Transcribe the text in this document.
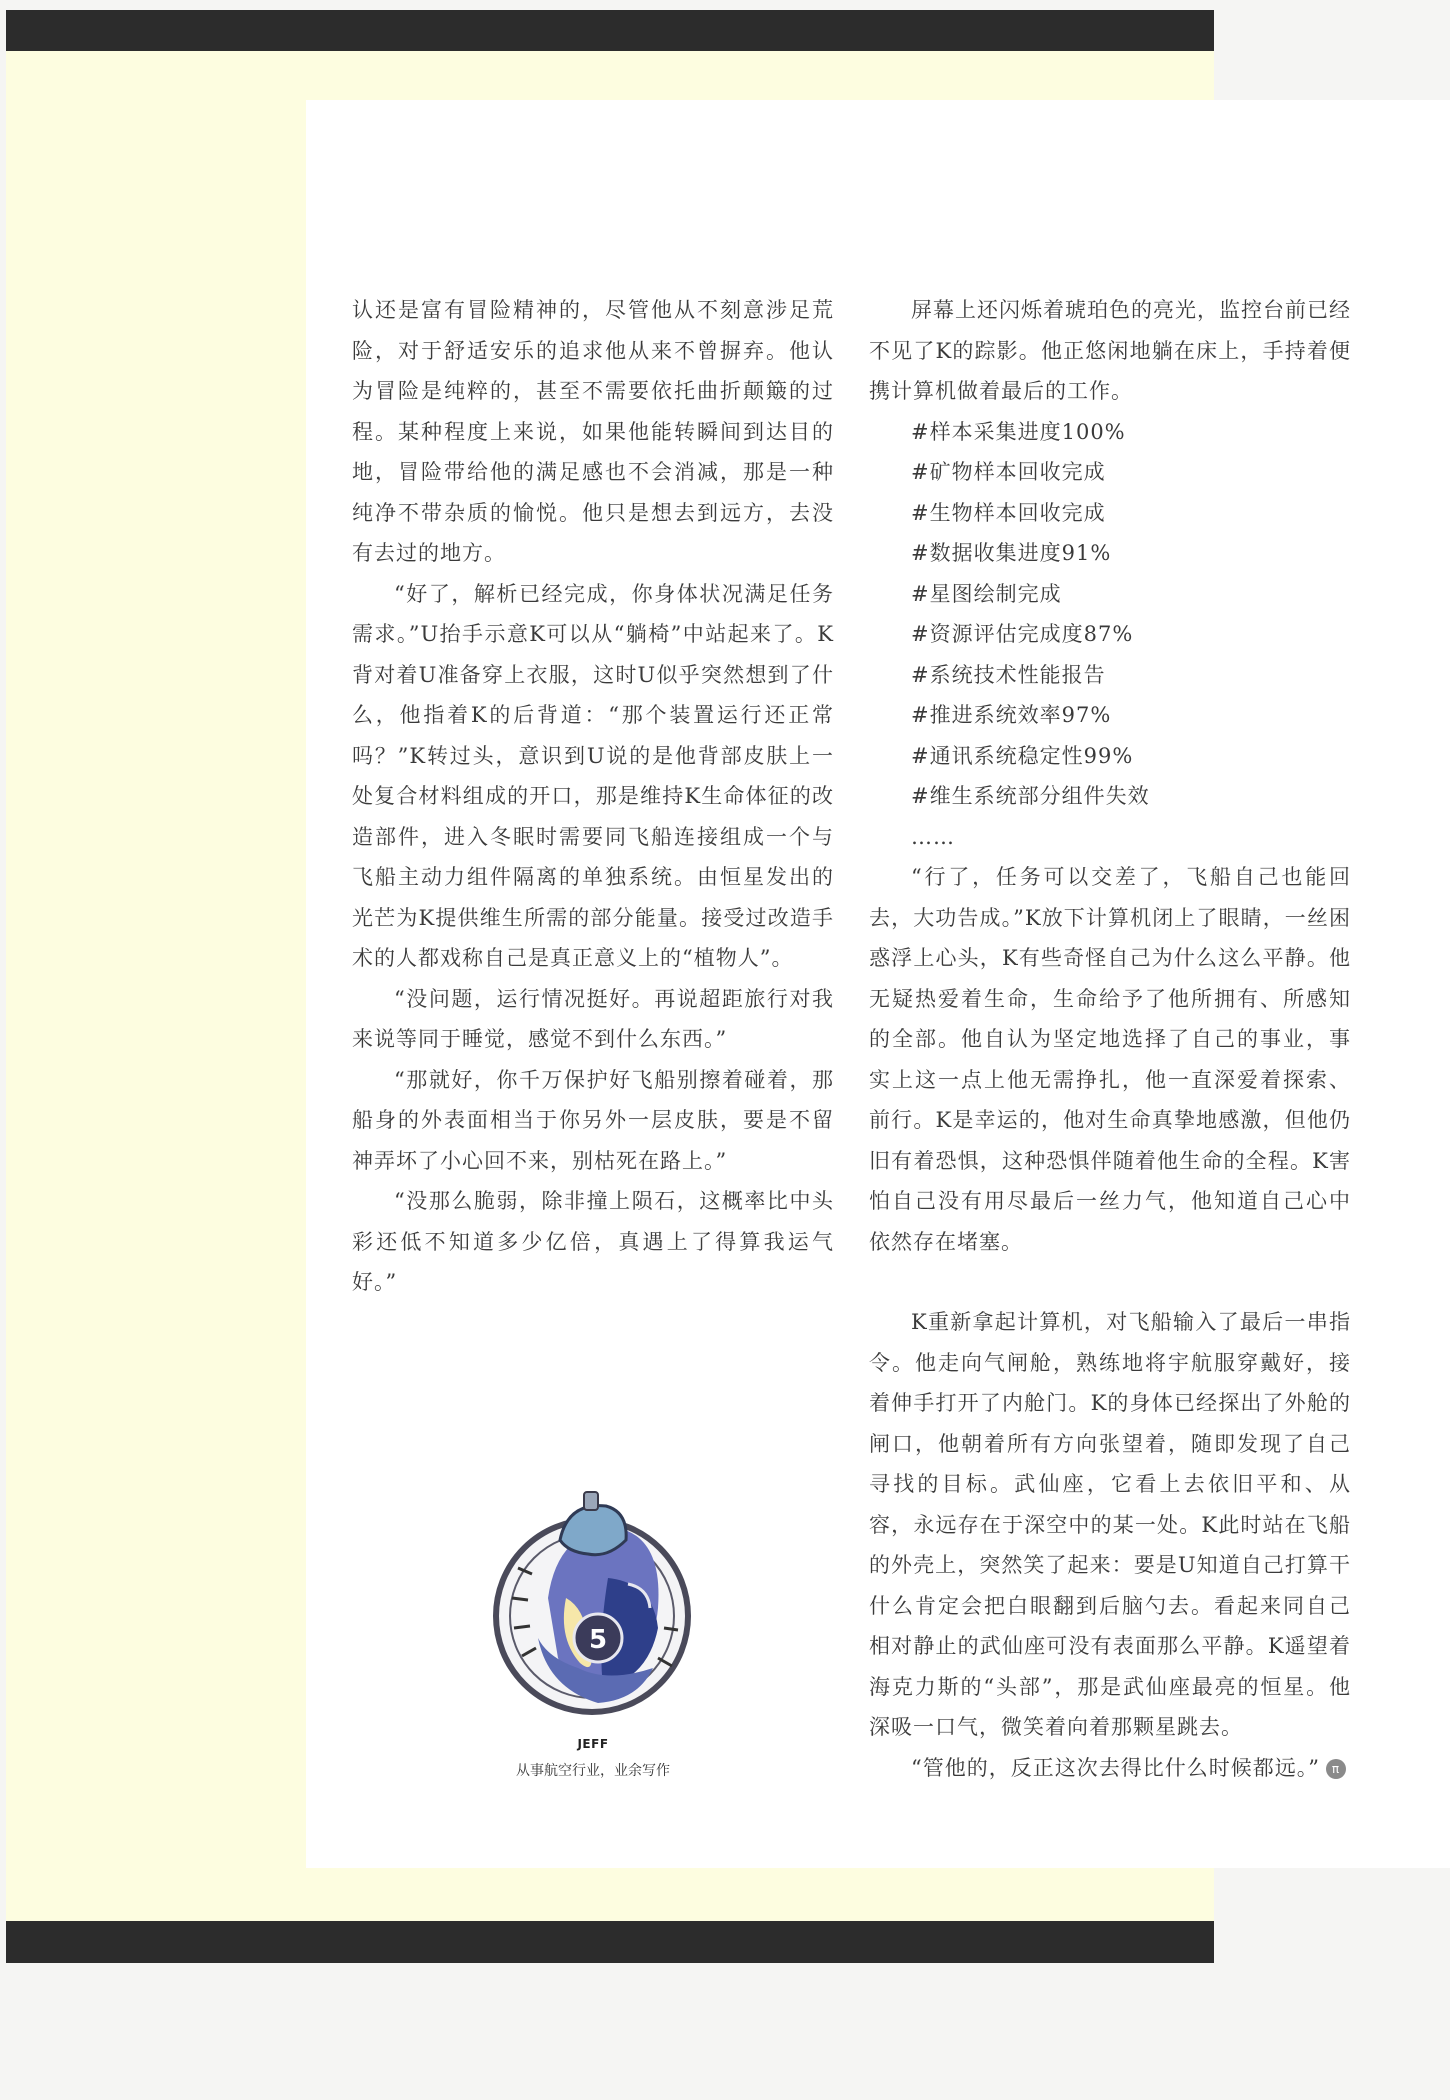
认还是富有冒险精神的，尽管他从不刻意涉足荒险，对于舒适安乐的追求他从来不曾摒弃。他认为冒险是纯粹的，甚至不需要依托曲折颠簸的过程。某种程度上来说，如果他能转瞬间到达目的地，冒险带给他的满足感也不会消减，那是一种纯净不带杂质的愉悦。他只是想去到远方，去没有去过的地方。

“好了，解析已经完成，你身体状况满足任务需求。”U抬手示意K可以从“躺椅”中站起来了。K背对着U准备穿上衣服，这时U似乎突然想到了什么，他指着K的后背道：“那个装置运行还正常吗？”K转过头，意识到U说的是他背部皮肤上一处复合材料组成的开口，那是维持K生命体征的改造部件，进入冬眠时需要同飞船连接组成一个与飞船主动力组件隔离的单独系统。由恒星发出的光芒为K提供维生所需的部分能量。接受过改造手术的人都戏称自己是真正意义上的“植物人”。

“没问题，运行情况挺好。再说超距旅行对我来说等同于睡觉，感觉不到什么东西。”

“那就好，你千万保护好飞船别擦着碰着，那船身的外表面相当于你另外一层皮肤，要是不留神弄坏了小心回不来，别枯死在路上。”

“没那么脆弱，除非撞上陨石，这概率比中头彩还低不知道多少亿倍，真遇上了得算我运气好。”

屏幕上还闪烁着琥珀色的亮光，监控台前已经不见了K的踪影。他正悠闲地躺在床上，手持着便携计算机做着最后的工作。

#样本采集进度100%

#矿物样本回收完成

#生物样本回收完成

#数据收集进度91%

#星图绘制完成

#资源评估完成度87%

#系统技术性能报告

#推进系统效率97%

#通讯系统稳定性99%

#维生系统部分组件失效

……

“行了，任务可以交差了，飞船自己也能回去，大功告成。”K放下计算机闭上了眼睛，一丝困惑浮上心头，K有些奇怪自己为什么这么平静。他无疑热爱着生命，生命给予了他所拥有、所感知的全部。他自认为坚定地选择了自己的事业，事实上这一点上他无需挣扎，他一直深爱着探索、前行。K是幸运的，他对生命真挚地感激，但他仍旧有着恐惧，这种恐惧伴随着他生命的全程。K害怕自己没有用尽最后一丝力气，他知道自己心中依然存在堵塞。

K重新拿起计算机，对飞船输入了最后一串指令。他走向气闸舱，熟练地将宇航服穿戴好，接着伸手打开了内舱门。K的身体已经探出了外舱的闸口，他朝着所有方向张望着，随即发现了自己寻找的目标。武仙座，它看上去依旧平和、从容，永远存在于深空中的某一处。K此时站在飞船的外壳上，突然笑了起来：要是U知道自己打算干什么肯定会把白眼翻到后脑勺去。看起来同自己相对静止的武仙座可没有表面那么平静。K遥望着海克力斯的“头部”，那是武仙座最亮的恒星。他深吸一口气，微笑着向着那颗星跳去。

“管他的，反正这次去得比什么时候都远。” π

5
JEFF
从事航空行业，业余写作
